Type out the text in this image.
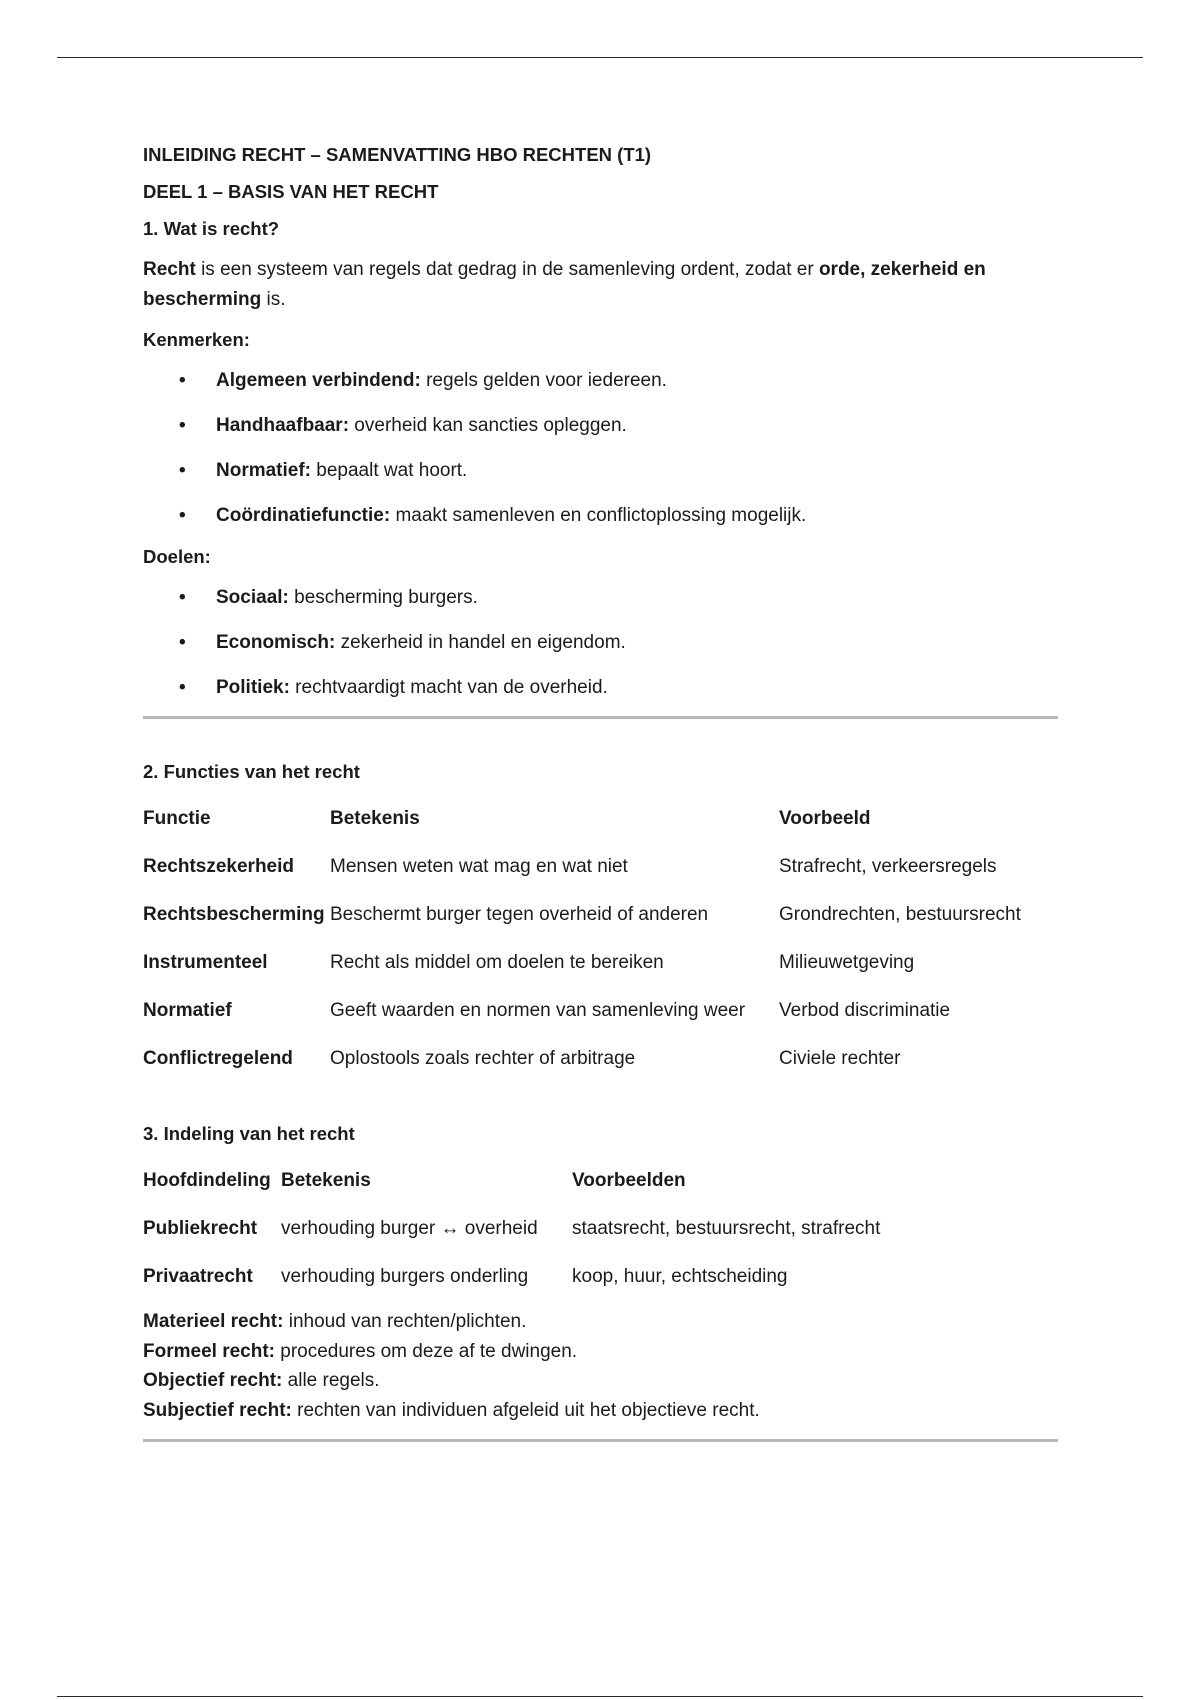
INLEIDING RECHT – SAMENVATTING HBO RECHTEN (T1)
DEEL 1 – BASIS VAN HET RECHT
1. Wat is recht?

Recht is een systeem van regels dat gedrag in de samenleving ordent, zodat er orde, zekerheid en bescherming is.

Kenmerken:
• Algemeen verbindend: regels gelden voor iedereen.
• Handhaafbaar: overheid kan sancties opleggen.
• Normatief: bepaalt wat hoort.
• Coördinatiefunctie: maakt samenleven en conflictoplossing mogelijk.
Doelen:
• Sociaal: bescherming burgers.
• Economisch: zekerheid in handel en eigendom.
• Politiek: rechtvaardigt macht van de overheid.
2. Functies van het recht
Functie	Betekenis	Voorbeeld
Rechtszekerheid	Mensen weten wat mag en wat niet	Strafrecht, verkeersregels
Rechtsbescherming	Beschermt burger tegen overheid of anderen	Grondrechten, bestuursrecht
Instrumenteel	Recht als middel om doelen te bereiken	Milieuwetgeving
Normatief	Geeft waarden en normen van samenleving weer	Verbod discriminatie
Conflictregelend	Oplostools zoals rechter of arbitrage	Civiele rechter
3. Indeling van het recht
Hoofdindeling	Betekenis	Voorbeelden
Publiekrecht	verhouding burger ↔ overheid	staatsrecht, bestuursrecht, strafrecht
Privaatrecht	verhouding burgers onderling	koop, huur, echtscheiding

Materieel recht: inhoud van rechten/plichten.

Formeel recht: procedures om deze af te dwingen.

Objectief recht: alle regels.

Subjectief recht: rechten van individuen afgeleid uit het objectieve recht.
